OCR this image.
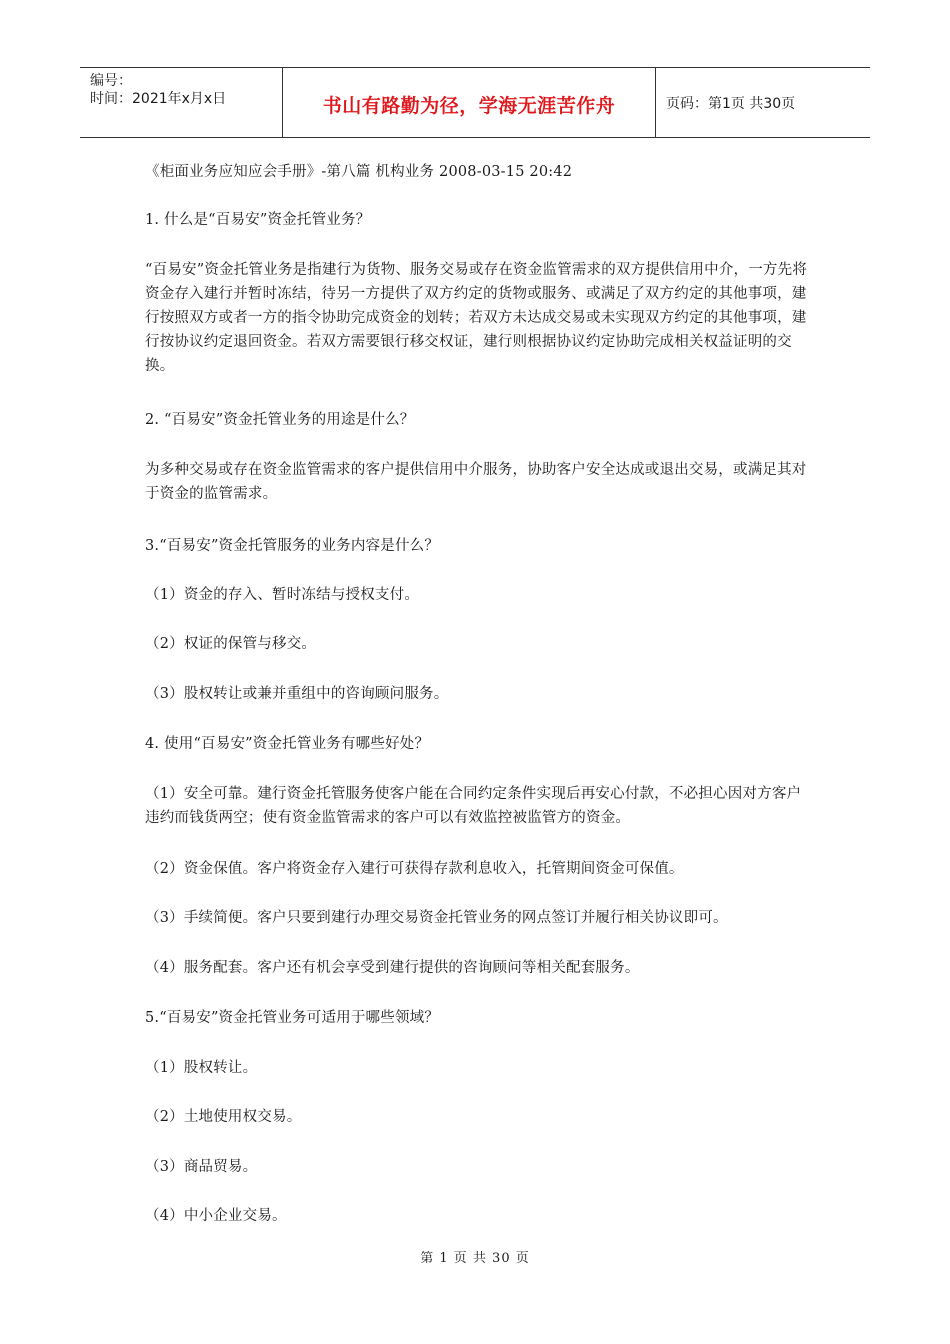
编号：
时间：2021年x月x日	书山有路勤为径，学海无涯苦作舟	页码：第1页 共30页

《柜面业务应知应会手册》-第八篇 机构业务 2008-03-15 20:42

1. 什么是“百易安”资金托管业务？

“百易安”资金托管业务是指建行为货物、服务交易或存在资金监管需求的双方提供信用中介，一方先将资金存入建行并暂时冻结，待另一方提供了双方约定的货物或服务、或满足了双方约定的其他事项，建行按照双方或者一方的指令协助完成资金的划转；若双方未达成交易或未实现双方约定的其他事项，建行按协议约定退回资金。若双方需要银行移交权证，建行则根据协议约定协助完成相关权益证明的交换。

2. “百易安”资金托管业务的用途是什么？

为多种交易或存在资金监管需求的客户提供信用中介服务，协助客户安全达成或退出交易，或满足其对于资金的监管需求。

3.“百易安”资金托管服务的业务内容是什么？

（1）资金的存入、暂时冻结与授权支付。

（2）权证的保管与移交。

（3）股权转让或兼并重组中的咨询顾问服务。

4. 使用“百易安”资金托管业务有哪些好处？

（1）安全可靠。建行资金托管服务使客户能在合同约定条件实现后再安心付款，不必担心因对方客户违约而钱货两空；使有资金监管需求的客户可以有效监控被监管方的资金。

（2）资金保值。客户将资金存入建行可获得存款利息收入，托管期间资金可保值。

（3）手续简便。客户只要到建行办理交易资金托管业务的网点签订并履行相关协议即可。

（4）服务配套。客户还有机会享受到建行提供的咨询顾问等相关配套服务。

5.“百易安”资金托管业务可适用于哪些领域？

（1）股权转让。

（2）土地使用权交易。

（3）商品贸易。

（4）中小企业交易。

第 1 页 共 30 页
